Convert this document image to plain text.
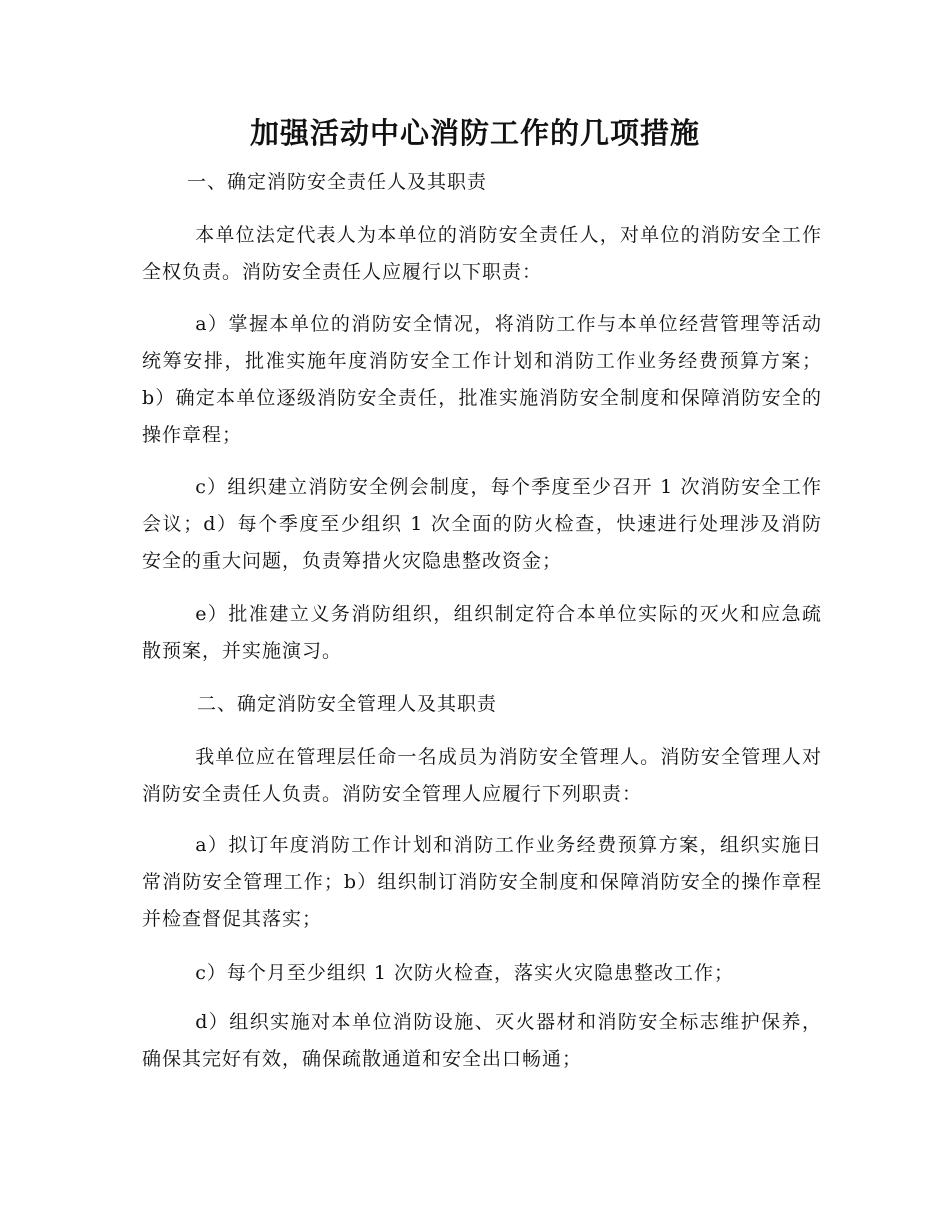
加强活动中心消防工作的几项措施
一、确定消防安全责任人及其职责
本单位法定代表人为本单位的消防安全责任人，对单位的消防安全工作全权负责。消防安全责任人应履行以下职责：
a）掌握本单位的消防安全情况，将消防工作与本单位经营管理等活动统筹安排，批准实施年度消防安全工作计划和消防工作业务经费预算方案；b）确定本单位逐级消防安全责任，批准实施消防安全制度和保障消防安全的操作章程；
c）组织建立消防安全例会制度，每个季度至少召开 1 次消防安全工作会议；d）每个季度至少组织 1 次全面的防火检查，快速进行处理涉及消防安全的重大问题，负责筹措火灾隐患整改资金；
e）批准建立义务消防组织，组织制定符合本单位实际的灭火和应急疏散预案，并实施演习。
二、确定消防安全管理人及其职责
我单位应在管理层任命一名成员为消防安全管理人。消防安全管理人对消防安全责任人负责。消防安全管理人应履行下列职责：
a）拟订年度消防工作计划和消防工作业务经费预算方案，组织实施日常消防安全管理工作；b）组织制订消防安全制度和保障消防安全的操作章程并检查督促其落实；
c）每个月至少组织 1 次防火检查，落实火灾隐患整改工作；
d）组织实施对本单位消防设施、灭火器材和消防安全标志维护保养，确保其完好有效，确保疏散通道和安全出口畅通；
